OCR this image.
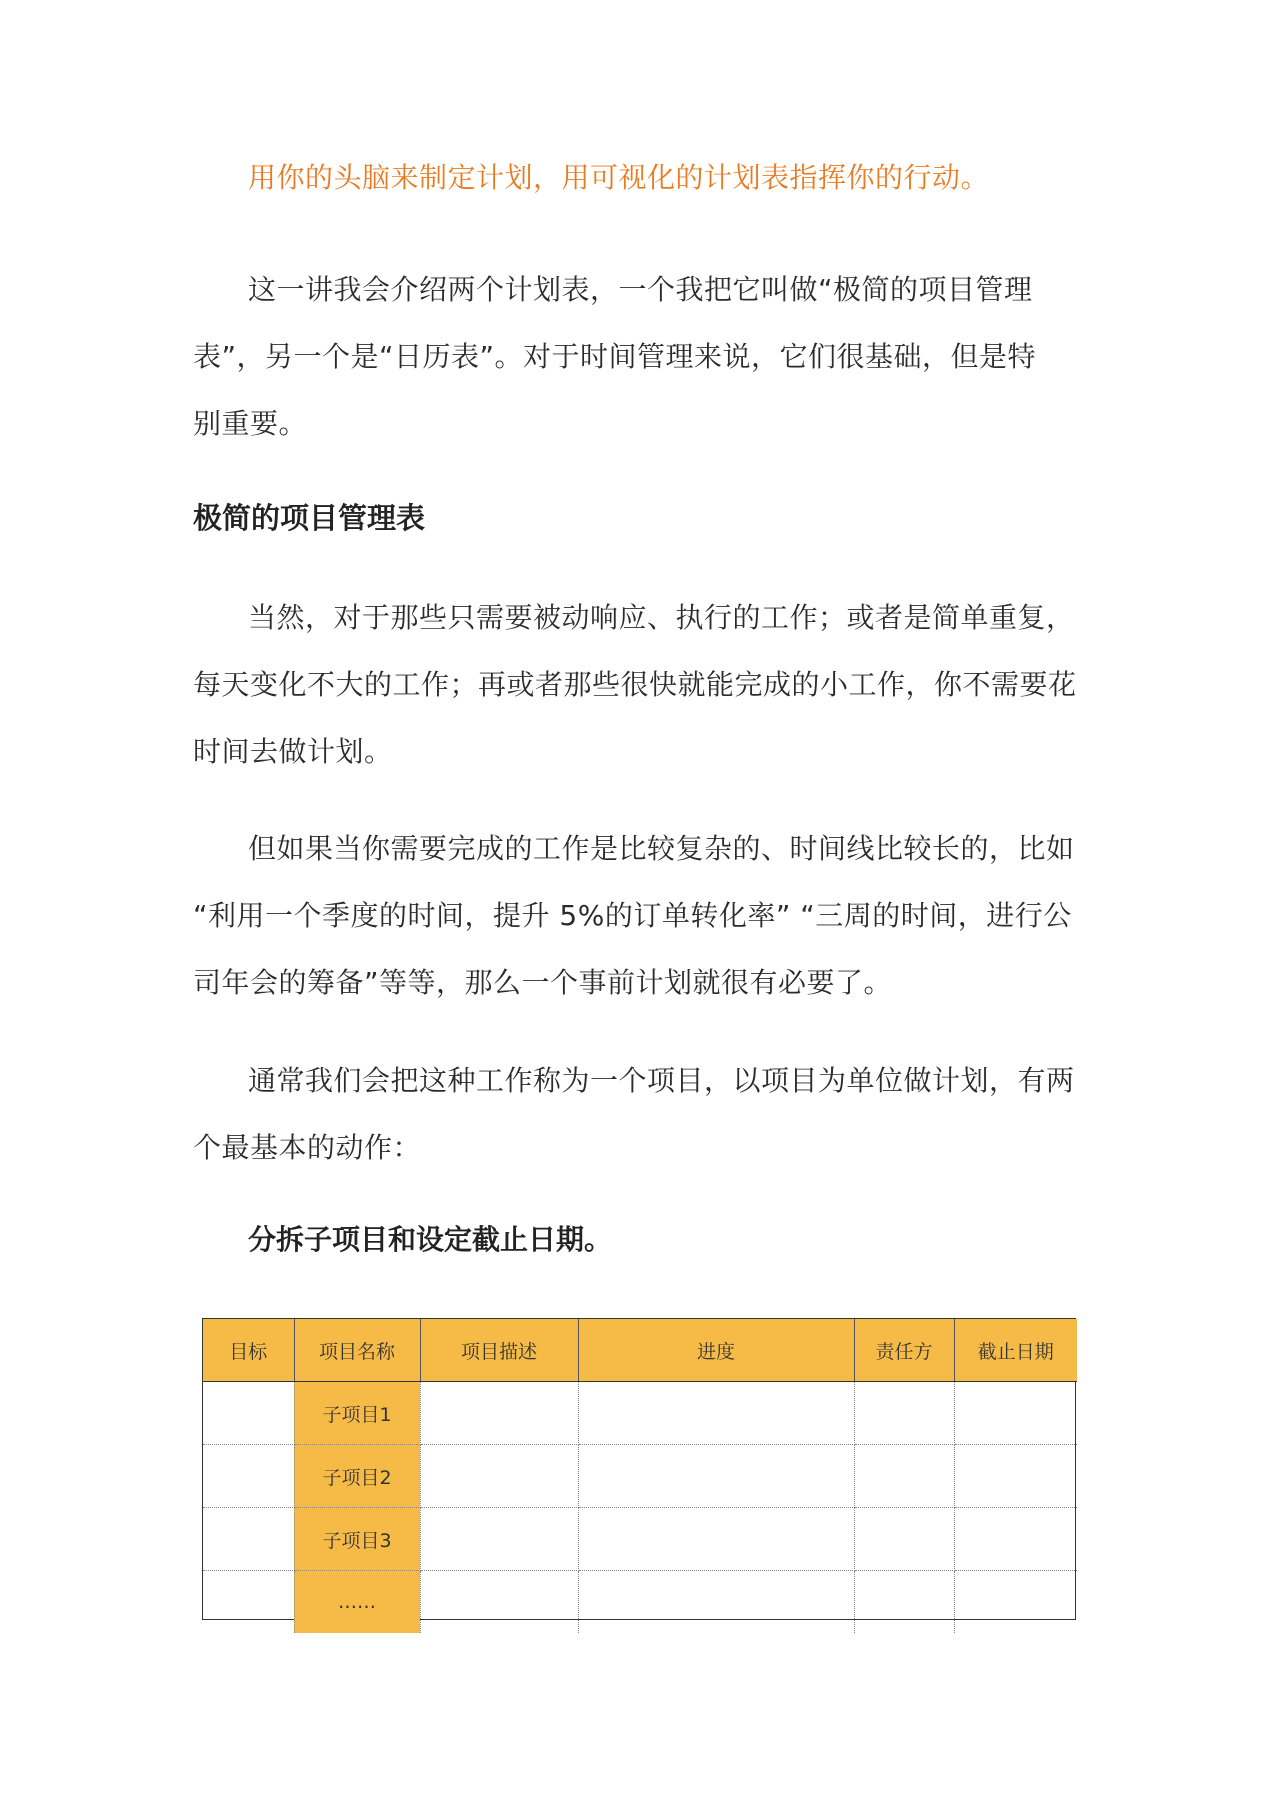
用你的头脑来制定计划，用可视化的计划表指挥你的行动。

这一讲我会介绍两个计划表，一个我把它叫做“极简的项目管理
表”，另一个是“日历表”。对于时间管理来说，它们很基础，但是特
别重要。

极简的项目管理表

当然，对于那些只需要被动响应、执行的工作；或者是简单重复，
每天变化不大的工作；再或者那些很快就能完成的小工作，你不需要花
时间去做计划。

但如果当你需要完成的工作是比较复杂的、时间线比较长的，比如
“利用一个季度的时间，提升 5%的订单转化率” “三周的时间，进行公
司年会的筹备”等等，那么一个事前计划就很有必要了。

通常我们会把这种工作称为一个项目，以项目为单位做计划，有两
个最基本的动作：

分拆子项目和设定截止日期。

目标	项目名称	项目描述	进度	责任方	截止日期
	子项目1				
	子项目2				
	子项目3				
	……				
